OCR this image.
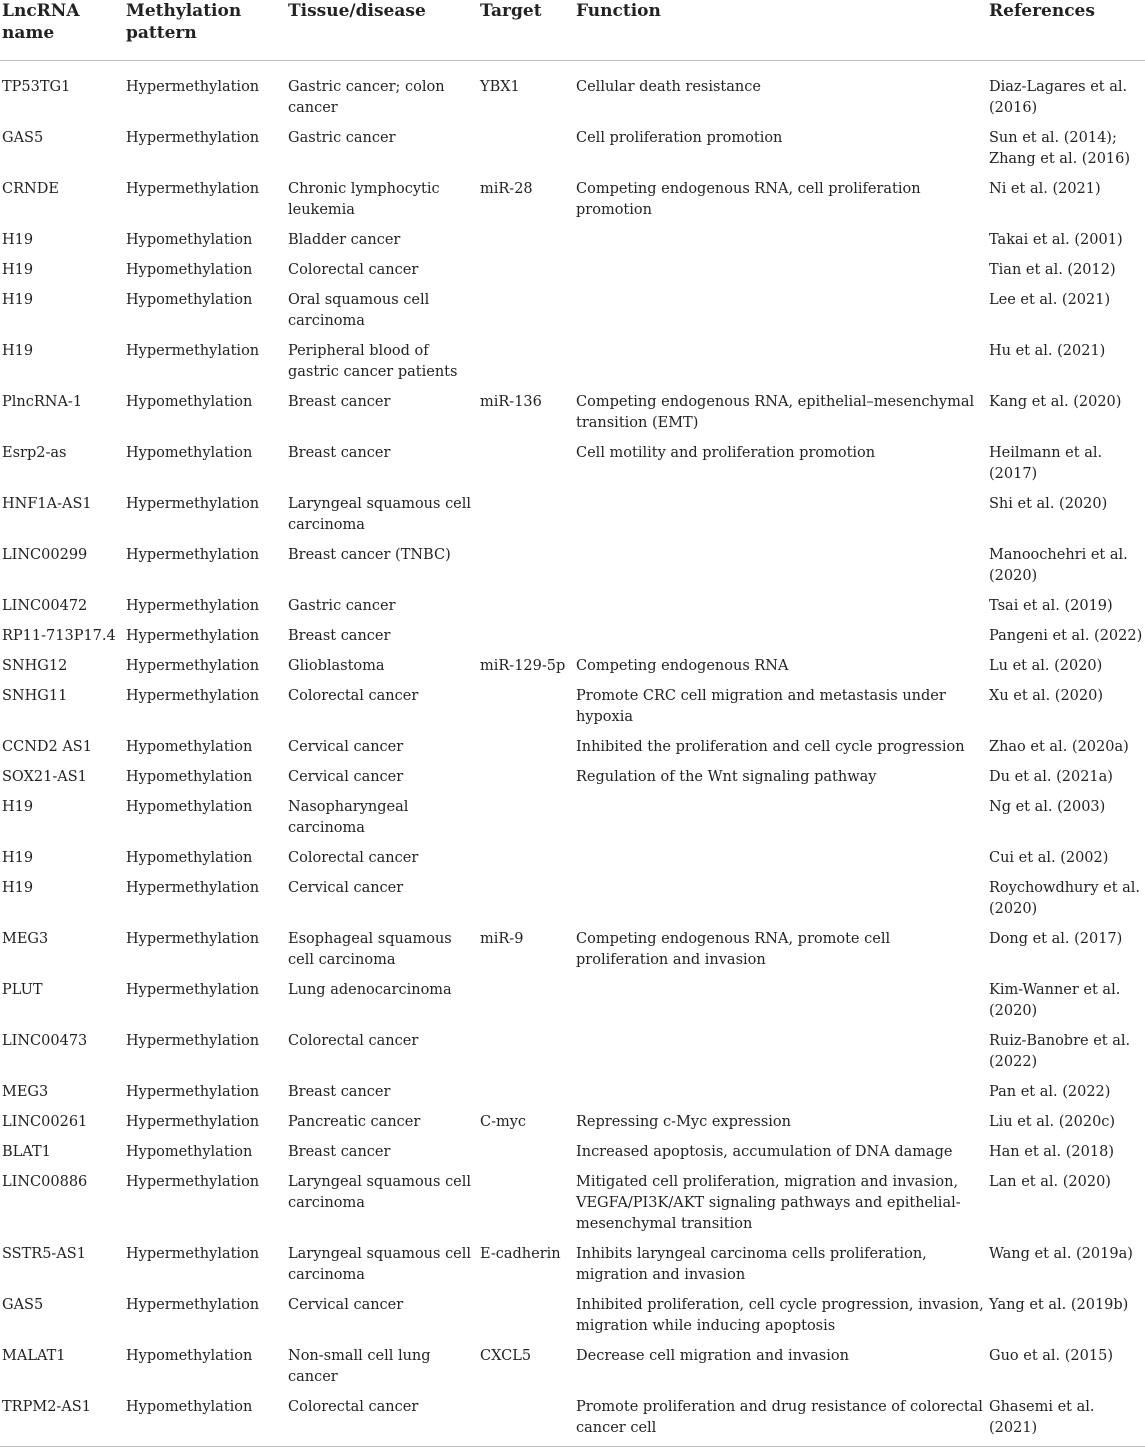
LncRNA name	Methylation pattern	Tissue/disease	Target	Function	References
TP53TG1	Hypermethylation	Gastric cancer; colon cancer	YBX1	Cellular death resistance	Diaz-Lagares et al. (2016)
GAS5	Hypermethylation	Gastric cancer		Cell proliferation promotion	Sun et al. (2014); Zhang et al. (2016)
CRNDE	Hypermethylation	Chronic lymphocytic leukemia	miR-28	Competing endogenous RNA, cell proliferation promotion	Ni et al. (2021)
H19	Hypomethylation	Bladder cancer			Takai et al. (2001)
H19	Hypomethylation	Colorectal cancer			Tian et al. (2012)
H19	Hypomethylation	Oral squamous cell carcinoma			Lee et al. (2021)
H19	Hypermethylation	Peripheral blood of gastric cancer patients			Hu et al. (2021)
PlncRNA-1	Hypomethylation	Breast cancer	miR-136	Competing endogenous RNA, epithelial–mesenchymal transition (EMT)	Kang et al. (2020)
Esrp2-as	Hypomethylation	Breast cancer		Cell motility and proliferation promotion	Heilmann et al. (2017)
HNF1A-AS1	Hypermethylation	Laryngeal squamous cell carcinoma			Shi et al. (2020)
LINC00299	Hypermethylation	Breast cancer (TNBC)			Manoochehri et al. (2020)
LINC00472	Hypermethylation	Gastric cancer			Tsai et al. (2019)
RP11-713P17.4	Hypermethylation	Breast cancer			Pangeni et al. (2022)
SNHG12	Hypermethylation	Glioblastoma	miR-129-5p	Competing endogenous RNA	Lu et al. (2020)
SNHG11	Hypermethylation	Colorectal cancer		Promote CRC cell migration and metastasis under hypoxia	Xu et al. (2020)
CCND2 AS1	Hypomethylation	Cervical cancer		Inhibited the proliferation and cell cycle progression	Zhao et al. (2020a)
SOX21-AS1	Hypomethylation	Cervical cancer		Regulation of the Wnt signaling pathway	Du et al. (2021a)
H19	Hypomethylation	Nasopharyngeal carcinoma			Ng et al. (2003)
H19	Hypomethylation	Colorectal cancer			Cui et al. (2002)
H19	Hypermethylation	Cervical cancer			Roychowdhury et al. (2020)
MEG3	Hypermethylation	Esophageal squamous cell carcinoma	miR-9	Competing endogenous RNA, promote cell proliferation and invasion	Dong et al. (2017)
PLUT	Hypermethylation	Lung adenocarcinoma			Kim-Wanner et al. (2020)
LINC00473	Hypermethylation	Colorectal cancer			Ruiz-Banobre et al. (2022)
MEG3	Hypermethylation	Breast cancer			Pan et al. (2022)
LINC00261	Hypermethylation	Pancreatic cancer	C-myc	Repressing c-Myc expression	Liu et al. (2020c)
BLAT1	Hypomethylation	Breast cancer		Increased apoptosis, accumulation of DNA damage	Han et al. (2018)
LINC00886	Hypermethylation	Laryngeal squamous cell carcinoma		Mitigated cell proliferation, migration and invasion, VEGFA/PI3K/AKT signaling pathways and epithelial-mesenchymal transition	Lan et al. (2020)
SSTR5-AS1	Hypermethylation	Laryngeal squamous cell carcinoma	E-cadherin	Inhibits laryngeal carcinoma cells proliferation, migration and invasion	Wang et al. (2019a)
GAS5	Hypermethylation	Cervical cancer		Inhibited proliferation, cell cycle progression, invasion, migration while inducing apoptosis	Yang et al. (2019b)
MALAT1	Hypomethylation	Non-small cell lung cancer	CXCL5	Decrease cell migration and invasion	Guo et al. (2015)
TRPM2-AS1	Hypomethylation	Colorectal cancer		Promote proliferation and drug resistance of colorectal cancer cell	Ghasemi et al. (2021)
